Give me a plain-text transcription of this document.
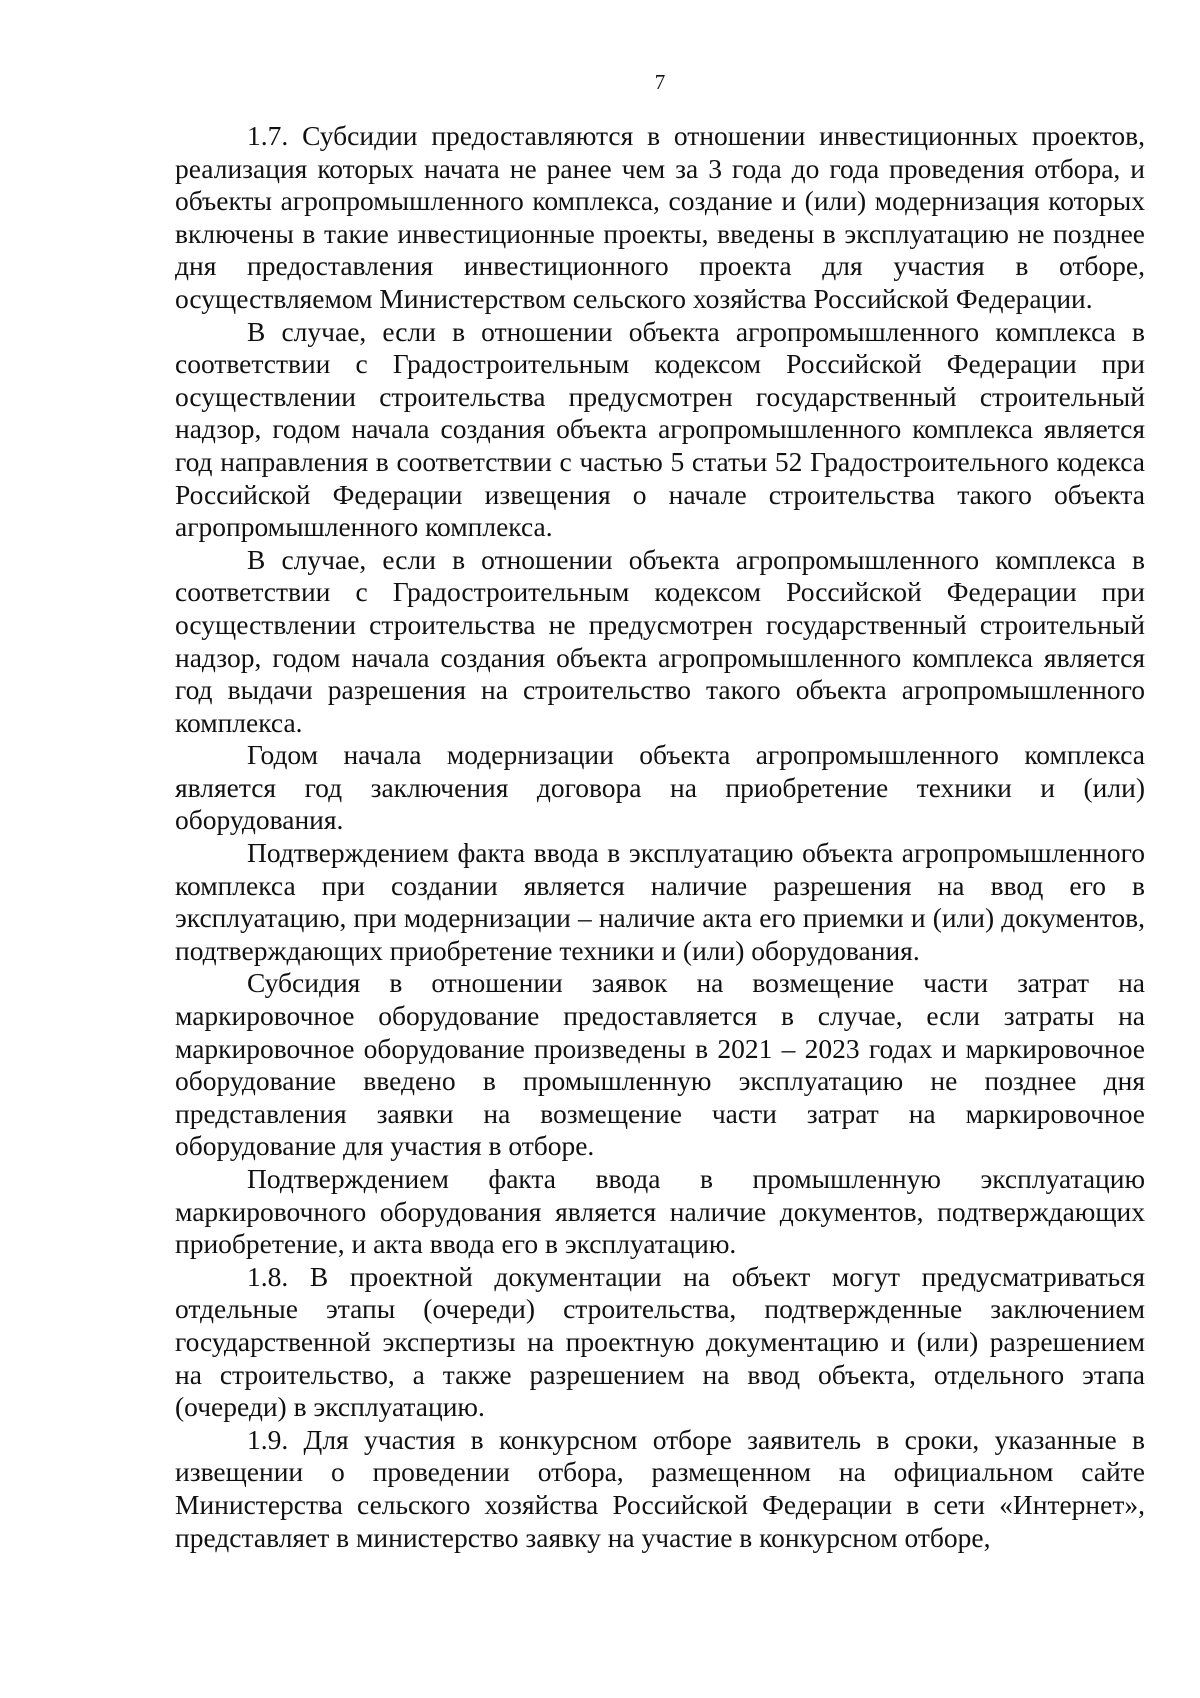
7

1.7. Субсидии предоставляются в отношении инвестиционных проектов, реализация которых начата не ранее чем за 3 года до года проведения отбора, и объекты агропромышленного комплекса, создание и (или) модернизация которых включены в такие инвестиционные проекты, введены в эксплуатацию не позднее дня предоставления инвестиционного проекта для участия в отборе, осуществляемом Министерством сельского хозяйства Российской Федерации.

В случае, если в отношении объекта агропромышленного комплекса в соответствии с Градостроительным кодексом Российской Федерации при осуществлении строительства предусмотрен государственный строительный надзор, годом начала создания объекта агропромышленного комплекса является год направления в соответствии с частью 5 статьи 52 Градостроительного кодекса Российской Федерации извещения о начале строительства такого объекта агропромышленного комплекса.

В случае, если в отношении объекта агропромышленного комплекса в соответствии с Градостроительным кодексом Российской Федерации при осуществлении строительства не предусмотрен государственный строительный надзор, годом начала создания объекта агропромышленного комплекса является год выдачи разрешения на строительство такого объекта агропромышленного комплекса.

Годом начала модернизации объекта агропромышленного комплекса является год заключения договора на приобретение техники и (или) оборудования.

Подтверждением факта ввода в эксплуатацию объекта агропромышленного комплекса при создании является наличие разрешения на ввод его в эксплуатацию, при модернизации – наличие акта его приемки и (или) документов, подтверждающих приобретение техники и (или) оборудования.

Субсидия в отношении заявок на возмещение части затрат на маркировочное оборудование предоставляется в случае, если затраты на маркировочное оборудование произведены в 2021 – 2023 годах и маркировочное оборудование введено в промышленную эксплуатацию не позднее дня представления заявки на возмещение части затрат на маркировочное оборудование для участия в отборе.

Подтверждением факта ввода в промышленную эксплуатацию маркировочного оборудования является наличие документов, подтверждающих приобретение, и акта ввода его в эксплуатацию.

1.8. В проектной документации на объект могут предусматриваться отдельные этапы (очереди) строительства, подтвержденные заключением государственной экспертизы на проектную документацию и (или) разрешением на строительство, а также разрешением на ввод объекта, отдельного этапа (очереди) в эксплуатацию.

1.9. Для участия в конкурсном отборе заявитель в сроки, указанные в извещении о проведении отбора, размещенном на официальном сайте Министерства сельского хозяйства Российской Федерации в сети «Интернет», представляет в министерство заявку на участие в конкурсном отборе,
